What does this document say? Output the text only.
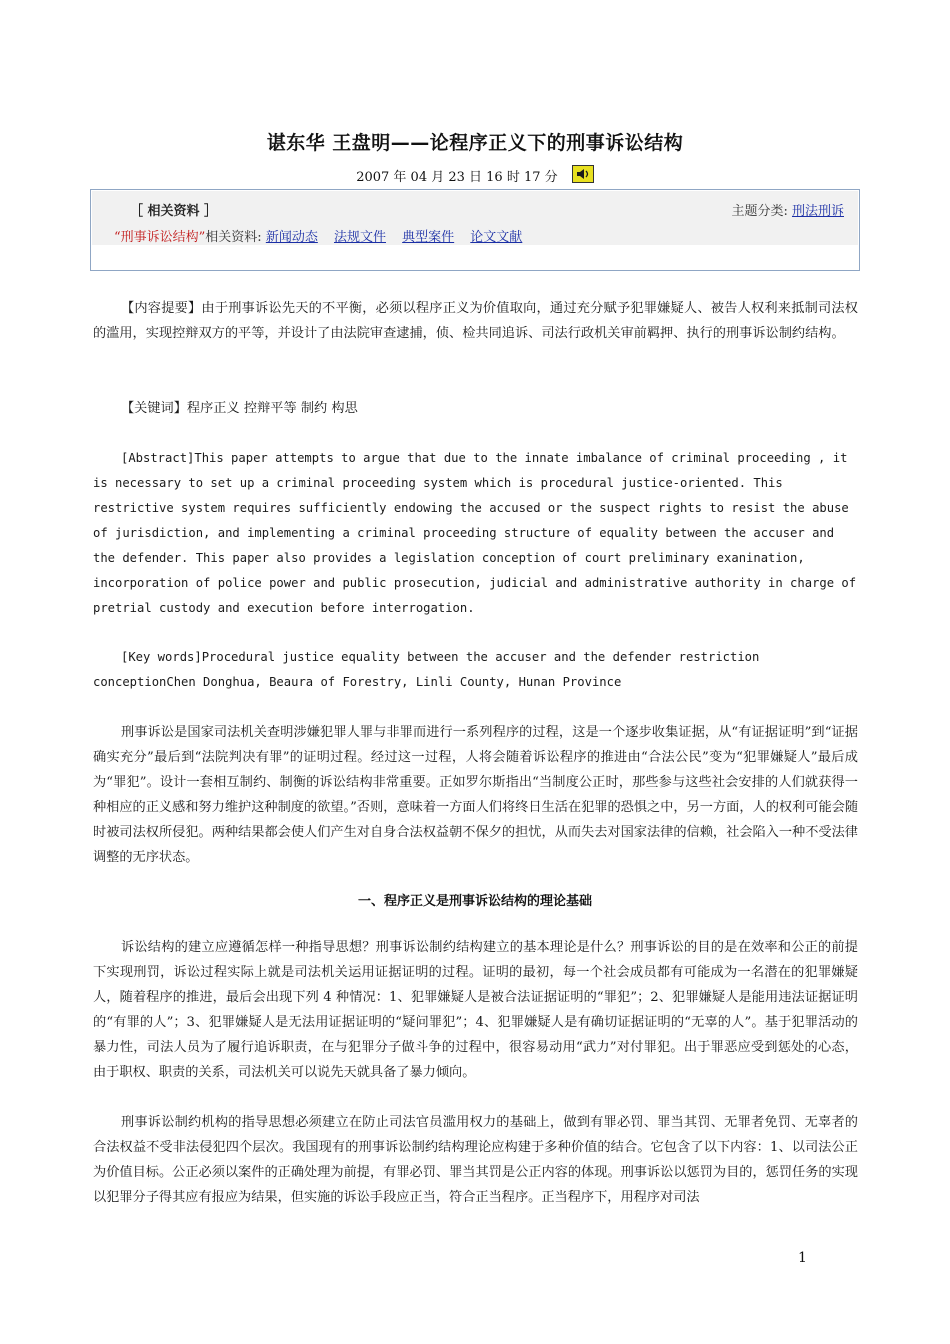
谌东华 王盘明——论程序正义下的刑事诉讼结构
2007 年 04 月 23 日 16 时 17 分
［ 相关资料 ］	主题分类: 刑法刑诉
“刑事诉讼结构”相关资料: 新闻动态 法规文件 典型案件 论文文献

【内容提要】由于刑事诉讼先天的不平衡，必须以程序正义为价值取向，通过充分赋予犯罪嫌疑人、被告人权利来抵制司法权的滥用，实现控辩双方的平等，并设计了由法院审查逮捕，侦、检共同追诉、司法行政机关审前羁押、执行的刑事诉讼制约结构。

【关键词】程序正义 控辩平等 制约 构思

[Abstract]This paper attempts to argue that due to the innate imbalance of criminal proceeding , it is necessary to set up a criminal proceeding system which is procedural justice-oriented. This restrictive system requires sufficiently endowing the accused or the suspect rights to resist the abuse of jurisdiction, and implementing a criminal proceeding structure of equality between the accuser and the defender. This paper also provides a legislation conception of court preliminary exanination, incorporation of police power and public prosecution, judicial and administrative authority in charge of pretrial custody and execution before interrogation.

[Key words]Procedural justice equality between the accuser and the defender restriction conceptionChen Donghua, Beaura of Forestry, Linli County, Hunan Province

刑事诉讼是国家司法机关查明涉嫌犯罪人罪与非罪而进行一系列程序的过程，这是一个逐步收集证据，从“有证据证明”到“证据确实充分”最后到“法院判决有罪”的证明过程。经过这一过程，人将会随着诉讼程序的推进由“合法公民”变为“犯罪嫌疑人”最后成为“罪犯”。设计一套相互制约、制衡的诉讼结构非常重要。正如罗尔斯指出“当制度公正时，那些参与这些社会安排的人们就获得一种相应的正义感和努力维护这种制度的欲望。”否则，意味着一方面人们将终日生活在犯罪的恐惧之中，另一方面，人的权利可能会随时被司法权所侵犯。两种结果都会使人们产生对自身合法权益朝不保夕的担忧，从而失去对国家法律的信赖，社会陷入一种不受法律调整的无序状态。

一、程序正义是刑事诉讼结构的理论基础

诉讼结构的建立应遵循怎样一种指导思想？刑事诉讼制约结构建立的基本理论是什么？刑事诉讼的目的是在效率和公正的前提下实现刑罚，诉讼过程实际上就是司法机关运用证据证明的过程。证明的最初，每一个社会成员都有可能成为一名潜在的犯罪嫌疑人，随着程序的推进，最后会出现下列 4 种情况：1、犯罪嫌疑人是被合法证据证明的“罪犯”；2、犯罪嫌疑人是能用违法证据证明的“有罪的人”；3、犯罪嫌疑人是无法用证据证明的“疑问罪犯”；4、犯罪嫌疑人是有确切证据证明的“无辜的人”。基于犯罪活动的暴力性，司法人员为了履行追诉职责，在与犯罪分子做斗争的过程中，很容易动用“武力”对付罪犯。出于罪恶应受到惩处的心态，由于职权、职责的关系，司法机关可以说先天就具备了暴力倾向。

刑事诉讼制约机构的指导思想必须建立在防止司法官员滥用权力的基础上，做到有罪必罚、罪当其罚、无罪者免罚、无辜者的合法权益不受非法侵犯四个层次。我国现有的刑事诉讼制约结构理论应构建于多种价值的结合。它包含了以下内容：1、以司法公正为价值目标。公正必须以案件的正确处理为前提，有罪必罚、罪当其罚是公正内容的体现。刑事诉讼以惩罚为目的，惩罚任务的实现以犯罪分子得其应有报应为结果，但实施的诉讼手段应正当，符合正当程序。正当程序下，用程序对司法

1
